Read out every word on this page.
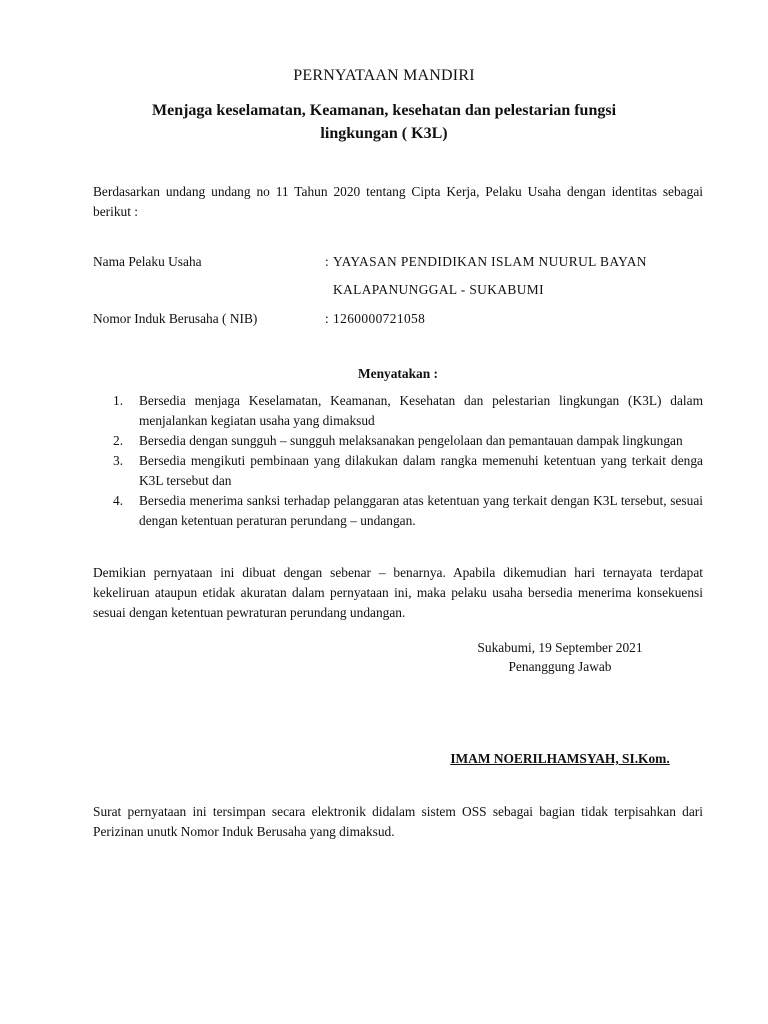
PERNYATAAN MANDIRI
Menjaga keselamatan, Keamanan, kesehatan dan pelestarian fungsi lingkungan ( K3L)
Berdasarkan undang undang no 11 Tahun 2020 tentang Cipta Kerja, Pelaku Usaha dengan identitas sebagai berikut :
Nama Pelaku Usaha	: YAYASAN PENDIDIKAN ISLAM NUURUL BAYAN
KALAPANUNGGAL - SUKABUMI
Nomor Induk Berusaha ( NIB)	: 1260000721058
Menyatakan :
1. Bersedia menjaga Keselamatan, Keamanan, Kesehatan dan pelestarian lingkungan (K3L) dalam menjalankan kegiatan usaha yang dimaksud
2. Bersedia dengan sungguh – sungguh melaksanakan pengelolaan dan pemantauan dampak lingkungan
3. Bersedia mengikuti pembinaan yang dilakukan dalam rangka memenuhi ketentuan yang terkait denga K3L tersebut dan
4. Bersedia menerima sanksi terhadap pelanggaran atas ketentuan yang terkait dengan K3L tersebut, sesuai dengan ketentuan peraturan perundang – undangan.
Demikian pernyataan ini dibuat dengan sebenar – benarnya. Apabila dikemudian hari ternayata terdapat kekeliruan ataupun etidak akuratan dalam pernyataan ini, maka pelaku usaha bersedia menerima konsekuensi sesuai dengan ketentuan pewraturan perundang undangan.
Sukabumi, 19 September 2021
Penanggung Jawab
IMAM NOERILHAMSYAH, SI.Kom.
Surat pernyataan ini tersimpan secara elektronik didalam sistem OSS sebagai bagian tidak terpisahkan dari Perizinan unutk Nomor Induk Berusaha yang dimaksud.
